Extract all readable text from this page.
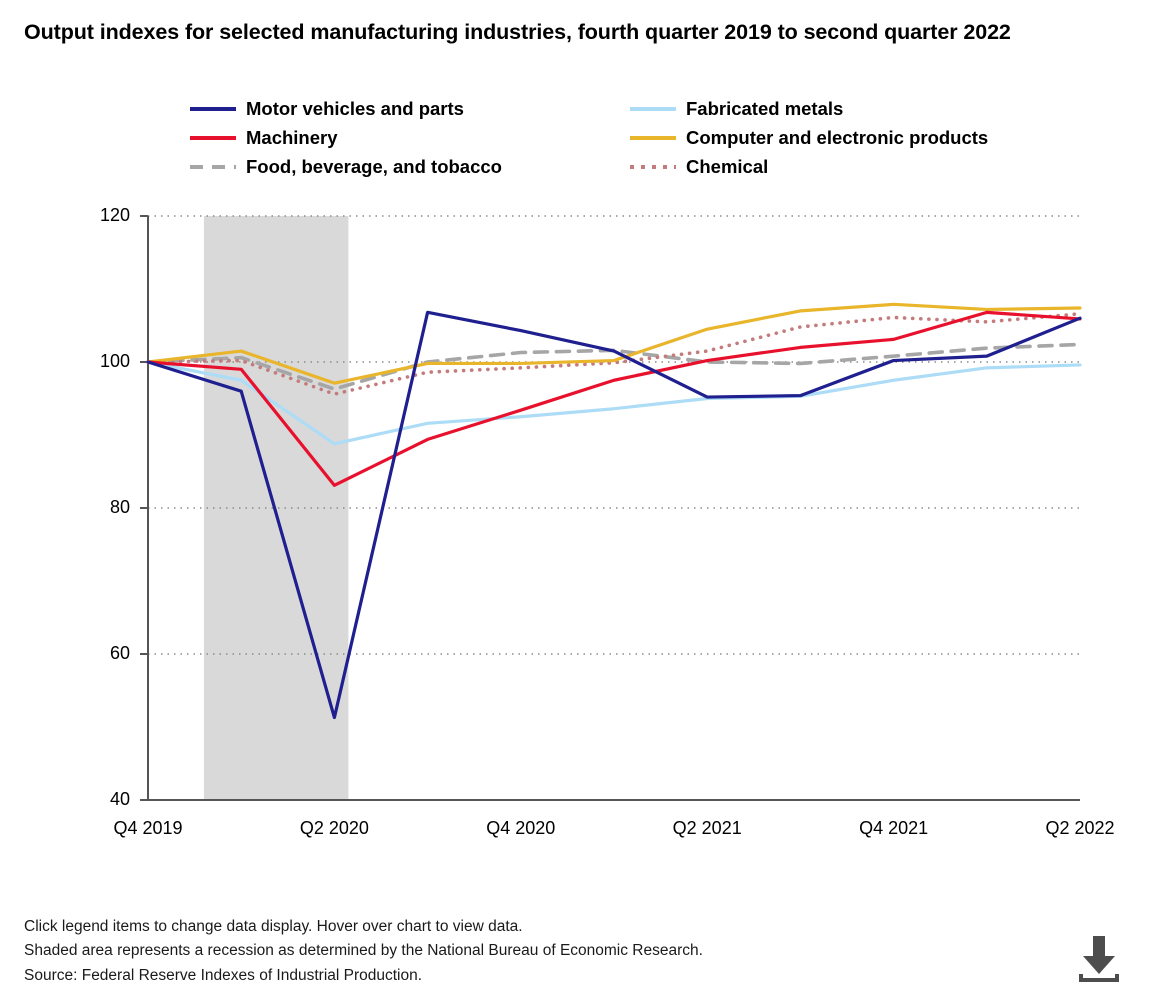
Output indexes for selected manufacturing industries, fourth quarter 2019 to second quarter 2022
Motor vehicles and parts	Fabricated metals
Machinery	Computer and electronic products
Food, beverage, and tobacco	Chemical
40
60
80
100
120
Q4 2019	Q2 2020	Q4 2020	Q2 2021	Q4 2021	Q2 2022
Click legend items to change data display. Hover over chart to view data.
Shaded area represents a recession as determined by the National Bureau of Economic Research.
Source: Federal Reserve Indexes of Industrial Production.
